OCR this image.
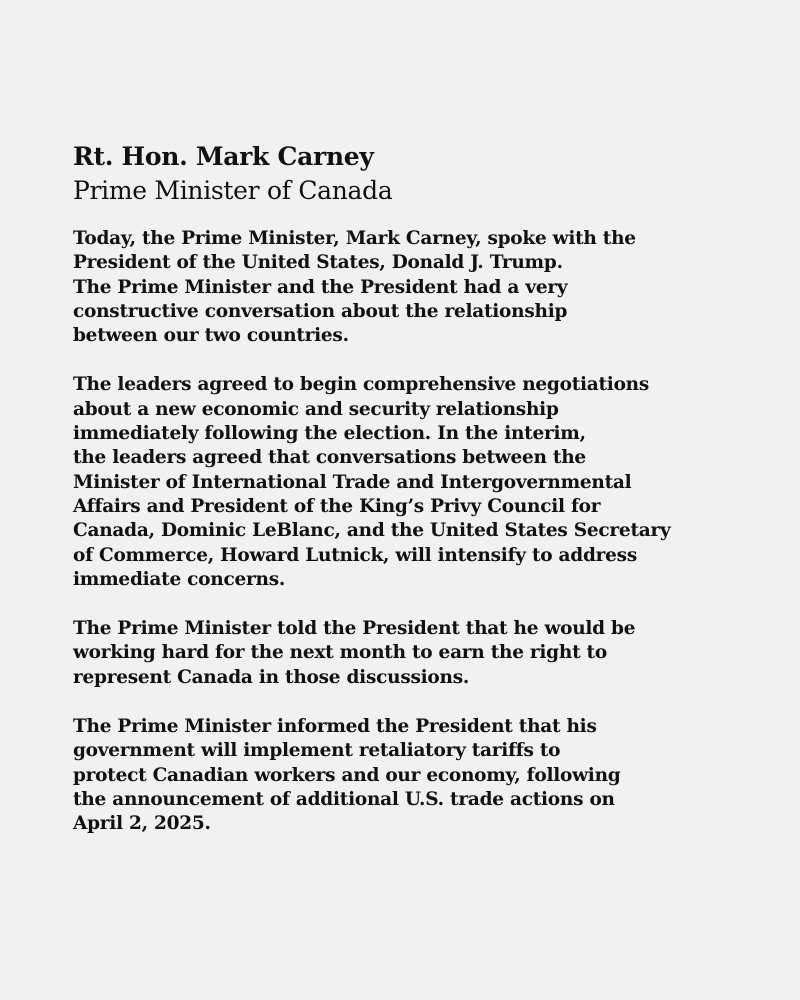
Rt. Hon. Mark Carney
Prime Minister of Canada

Today, the Prime Minister, Mark Carney, spoke with the
President of the United States, Donald J. Trump.
The Prime Minister and the President had a very
constructive conversation about the relationship
between our two countries.

The leaders agreed to begin comprehensive negotiations
about a new economic and security relationship
immediately following the election. In the interim,
the leaders agreed that conversations between the
Minister of International Trade and Intergovernmental
Affairs and President of the King’s Privy Council for
Canada, Dominic LeBlanc, and the United States Secretary
of Commerce, Howard Lutnick, will intensify to address
immediate concerns.

The Prime Minister told the President that he would be
working hard for the next month to earn the right to
represent Canada in those discussions.

The Prime Minister informed the President that his
government will implement retaliatory tariffs to
protect Canadian workers and our economy, following
the announcement of additional U.S. trade actions on
April 2, 2025.
